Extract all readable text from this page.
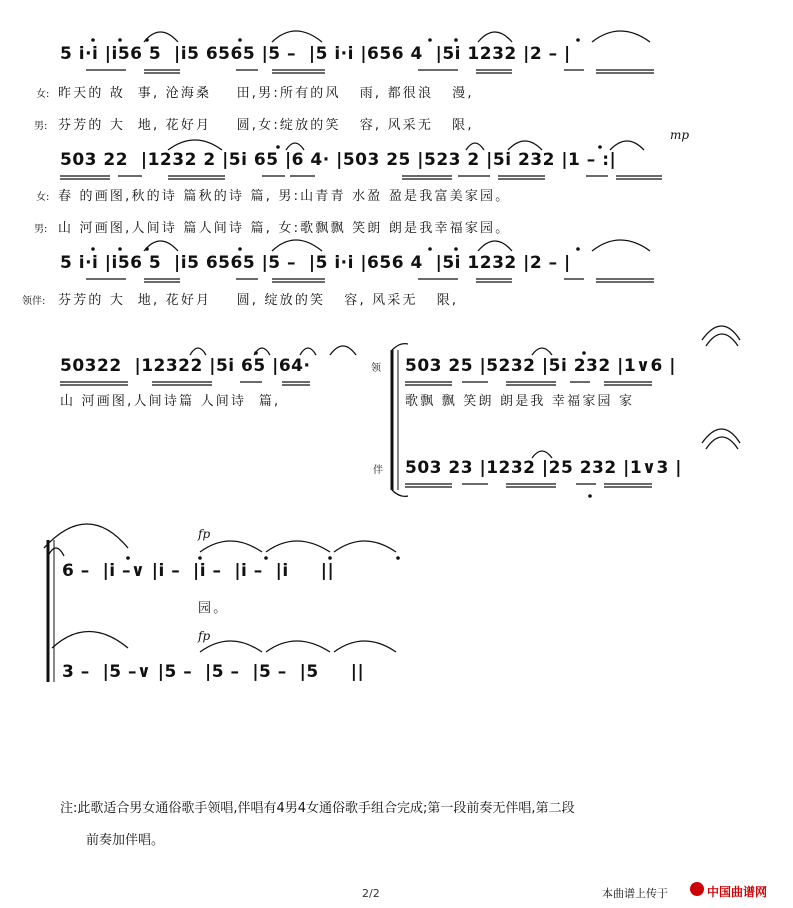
5 i·i |i56 5  |i5 6565 |5 –  |5 i·i |656 4  |5i 1232 |2 – |
女: 昨天的 故  事, 沧海桑    田,男:所有的风   雨, 都很浪   漫,
男: 芬芳的 大  地, 花好月    圆,女:绽放的笑   容, 风采无   限,
mp
503 22  |1232 2 |5i 65 |6 4· |503 25 |523 2 |5i 232 |1 – :|
女: 春 的画图,秋的诗 篇秋的诗 篇, 男:山青青 水盈 盈是我富美家园。
男: 山 河画图,人间诗 篇人间诗 篇, 女:歌飘飘 笑朗 朗是我幸福家园。
5 i·i |i56 5  |i5 6565 |5 –  |5 i·i |656 4  |5i 1232 |2 – |
领伴: 芬芳的 大  地, 花好月    圆, 绽放的笑   容, 风采无   限,
50322  |12322 |5i 65 |64·
山 河画图,人间诗篇 人间诗  篇,
领 503 25 |5232 |5i 232 |1∨6 |
歌飘 飘 笑朗 朗是我 幸福家园 家
伴 503 23 |1232 |25 232 |1∨3 |
fp
6 –  |i –∨ |i –  |i –  |i –  |i     ||
园。
fp
3 –  |5 –∨ |5 –  |5 –  |5 –  |5     ||
注:此歌适合男女通俗歌手领唱,伴唱有4男4女通俗歌手组合完成;第一段前奏无伴唱,第二段
前奏加伴唱。
2/2	本曲谱上传于	中国曲谱网
